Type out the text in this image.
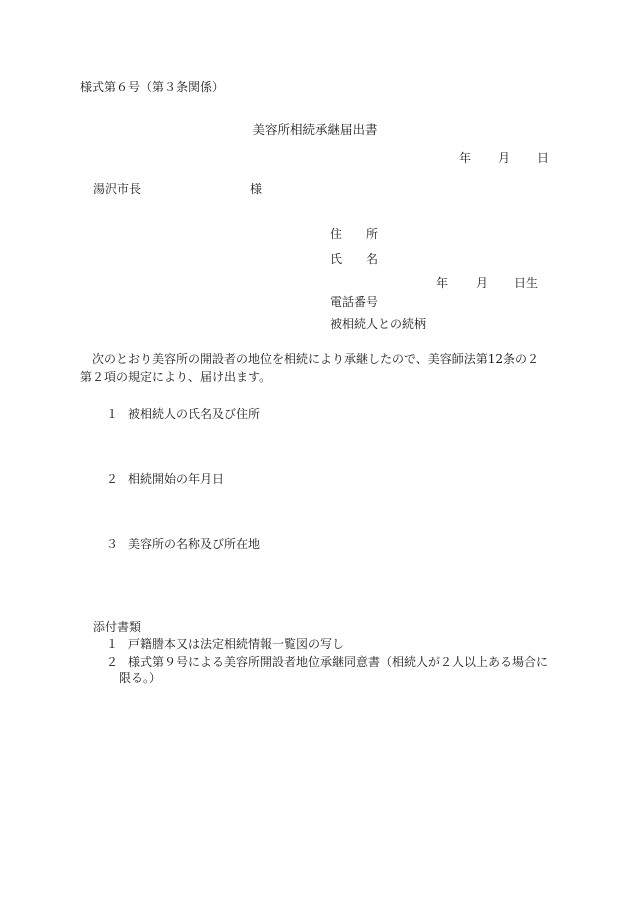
様式第６号（第３条関係）
美容所相続承継届出書
年 月 日
湯沢市長	様
住　　所
氏　　名
年 月 日生
電話番号
被相続人との続柄
次のとおり美容所の開設者の地位を相続により承継したので、美容師法第12条の２第２項の規定により、届け出ます。
１ 被相続人の氏名及び住所
２ 相続開始の年月日
３ 美容所の名称及び所在地
添付書類
１ 戸籍謄本又は法定相続情報一覧図の写し
２ 様式第９号による美容所開設者地位承継同意書（相続人が２人以上ある場合に
限る。）
